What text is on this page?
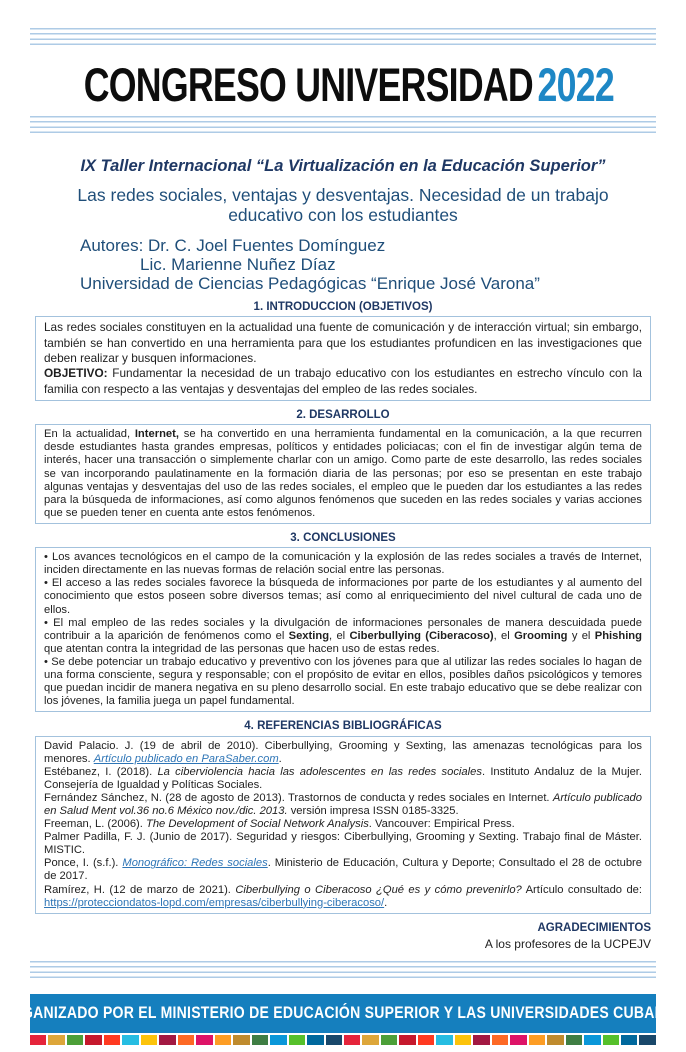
CONGRESO UNIVERSIDAD2022
IX Taller Internacional “La Virtualización en la Educación Superior”
Las redes sociales, ventajas y desventajas. Necesidad de un trabajo educativo con los estudiantes
Autores: Dr. C. Joel Fuentes Domínguez
Lic. Marienne Nuñez Díaz
Universidad de Ciencias Pedagógicas “Enrique José Varona”
1. INTRODUCCION (OBJETIVOS)

Las redes sociales constituyen en la actualidad una fuente de comunicación y de interacción virtual; sin embargo, también se han convertido en una herramienta para que los estudiantes profundicen en las investigaciones que deben realizar y busquen informaciones.

OBJETIVO: Fundamentar la necesidad de un trabajo educativo con los estudiantes en estrecho vínculo con la familia con respecto a las ventajas y desventajas del empleo de las redes sociales.

2. DESARROLLO

En la actualidad, Internet, se ha convertido en una herramienta fundamental en la comunicación, a la que recurren desde estudiantes hasta grandes empresas, políticos y entidades policiacas; con el fin de investigar algún tema de interés, hacer una transacción o simplemente charlar con un amigo. Como parte de este desarrollo, las redes sociales se van incorporando paulatinamente en la formación diaria de las personas; por eso se presentan en este trabajo algunas ventajas y desventajas del uso de las redes sociales, el empleo que le pueden dar los estudiantes a las redes para la búsqueda de informaciones, así como algunos fenómenos que suceden en las redes sociales y varias acciones que se pueden tener en cuenta ante estos fenómenos.

3. CONCLUSIONES

• Los avances tecnológicos en el campo de la comunicación y la explosión de las redes sociales a través de Internet, inciden directamente en las nuevas formas de relación social entre las personas.

• El acceso a las redes sociales favorece la búsqueda de informaciones por parte de los estudiantes y al aumento del conocimiento que estos poseen sobre diversos temas; así como al enriquecimiento del nivel cultural de cada uno de ellos.

• El mal empleo de las redes sociales y la divulgación de informaciones personales de manera descuidada puede contribuir a la aparición de fenómenos como el Sexting, el Ciberbullying (Ciberacoso), el Grooming y el Phishing que atentan contra la integridad de las personas que hacen uso de estas redes.

• Se debe potenciar un trabajo educativo y preventivo con los jóvenes para que al utilizar las redes sociales lo hagan de una forma consciente, segura y responsable; con el propósito de evitar en ellos, posibles daños psicológicos y temores que puedan incidir de manera negativa en su pleno desarrollo social. En este trabajo educativo que se debe realizar con los jóvenes, la familia juega un papel fundamental.

4. REFERENCIAS BIBLIOGRÁFICAS

David Palacio. J. (19 de abril de 2010). Ciberbullying, Grooming y Sexting, las amenazas tecnológicas para los menores. Artículo publicado en ParaSaber.com.

Estébanez, I. (2018). La ciberviolencia hacia las adolescentes en las redes sociales. Instituto Andaluz de la Mujer. Consejería de Igualdad y Políticas Sociales.

Fernández Sánchez, N. (28 de agosto de 2013). Trastornos de conducta y redes sociales en Internet. Artículo publicado en Salud Ment vol.36 no.6 México nov./dic. 2013. versión impresa ISSN 0185-3325.

Freeman, L. (2006). The Development of Social Network Analysis. Vancouver: Empirical Press.

Palmer Padilla, F. J. (Junio de 2017). Seguridad y riesgos: Ciberbullying, Grooming y Sexting. Trabajo final de Máster. MISTIC.

Ponce, I. (s.f.). Monográfico: Redes sociales. Ministerio de Educación, Cultura y Deporte; Consultado el 28 de octubre de 2017.

Ramírez, H. (12 de marzo de 2021). Ciberbullying o Ciberacoso ¿Qué es y cómo prevenirlo? Artículo consultado de: https://protecciondatos-lopd.com/empresas/ciberbullying-ciberacoso/.

AGRADECIMIENTOS
A los profesores de la UCPEJV
ORGANIZADO POR EL MINISTERIO DE EDUCACIÓN SUPERIOR Y LAS UNIVERSIDADES CUBANAS
